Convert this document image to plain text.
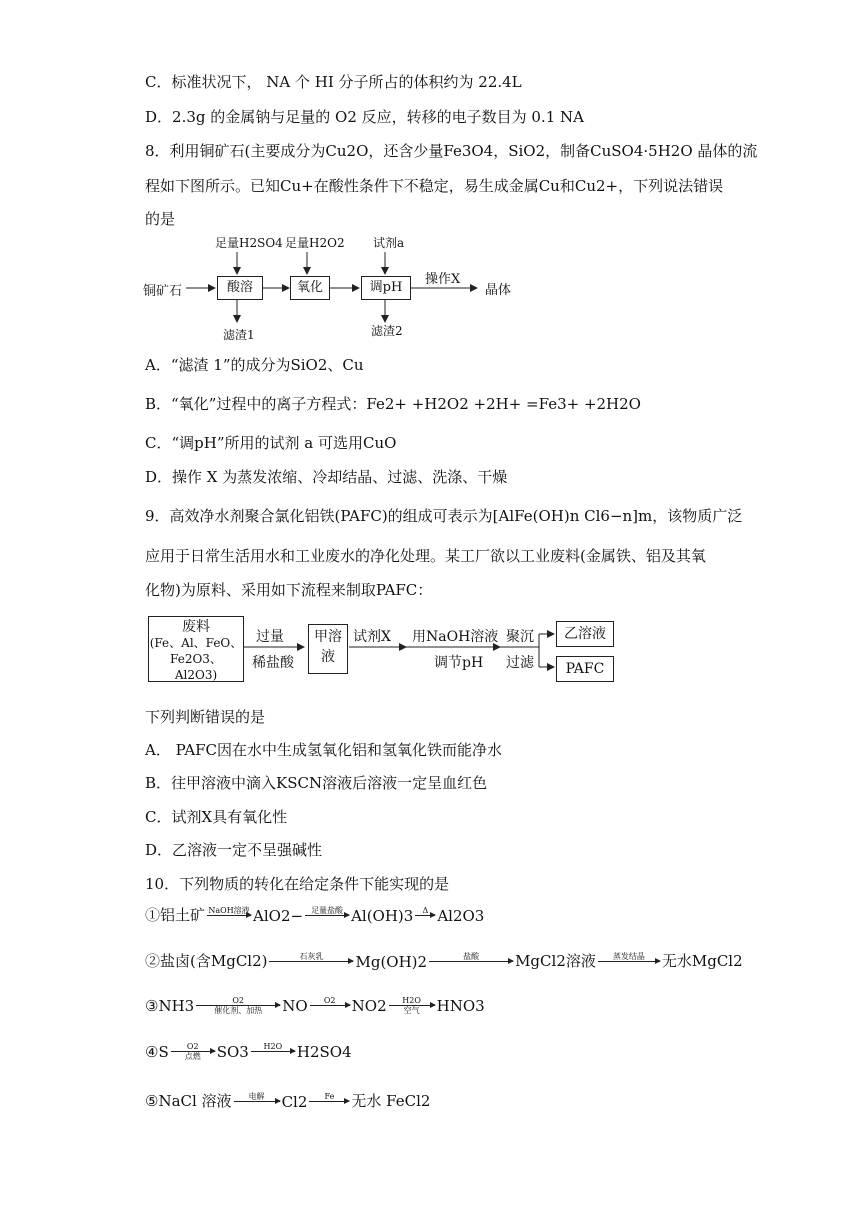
C．标准状况下， NA 个 HI 分子所占的体积约为 22.4L
D．2.3g 的金属钠与足量的 O2 反应，转移的电子数目为 0.1 NA
8．利用铜矿石(主要成分为Cu2O，还含少量Fe3O4，SiO2，制备CuSO4·5H2O 晶体的流
程如下图所示。已知Cu+在酸性条件下不稳定，易生成金属Cu和Cu2+，下列说法错误
的是
铜矿石	酸溶	氧化	调pH
足量H2SO4 足量H2O2 试剂a
滤渣1	滤渣2
操作X
晶体
A．“滤渣 1”的成分为SiO2、Cu
B．“氧化”过程中的离子方程式：Fe2+ +H2O2 +2H+ =Fe3+ +2H2O
C．“调pH”所用的试剂 a 可选用CuO
D．操作 X 为蒸发浓缩、冷却结晶、过滤、洗涤、干燥
9．高效净水剂聚合氯化铝铁(PAFC)的组成可表示为[AlFe(OH)n Cl6−n]m，该物质广泛
应用于日常生活用水和工业废水的净化处理。某工厂欲以工业废料(金属铁、铝及其氧
化物)为原料、采用如下流程来制取PAFC：
废料
(Fe、Al、FeO、
Fe2O3、Al2O3)
过量
稀盐酸
甲溶液
试剂X 用NaOH溶液
调节pH
聚沉
过滤
乙溶液
PAFC
下列判断错误的是
A． PAFC因在水中生成氢氧化铝和氢氧化铁而能净水
B．往甲溶液中滴入KSCN溶液后溶液一定呈血红色
C．试剂X具有氧化性
D．乙溶液一定不呈强碱性
10．下列物质的转化在给定条件下能实现的是
①铝土矿 NaOH溶液 AlO2− 足量盐酸 Al(OH)3 Δ Al2O3
②盐卤(含MgCl2)	石灰乳 Mg(OH)2	盐酸 MgCl2溶液 蒸发结晶 无水MgCl2
③NH3	O2
催化剂、加热 NO O2 NO2 H2O
空气 HNO3
④S O2
点燃 SO3 H2O H2SO4
⑤NaCl 溶液 电解 Cl2 Fe 无水 FeCl2
